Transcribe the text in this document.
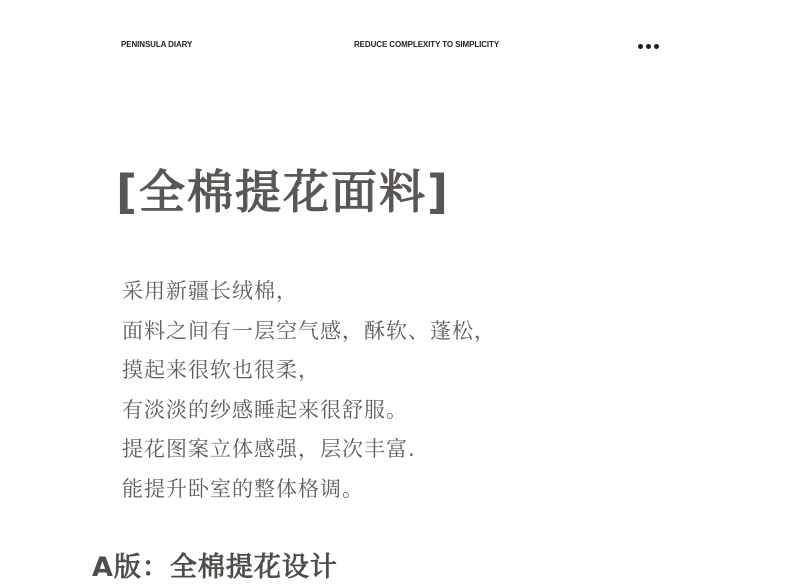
PENINSULA DIARY	REDUCE COMPLEXITY TO SIMPLICITY
[全棉提花面料]
采用新疆长绒棉，
面料之间有一层空气感，酥软、蓬松，
摸起来很软也很柔，
有淡淡的纱感睡起来很舒服。
提花图案立体感强，层次丰富.
能提升卧室的整体格调。
A版：全棉提花设计
